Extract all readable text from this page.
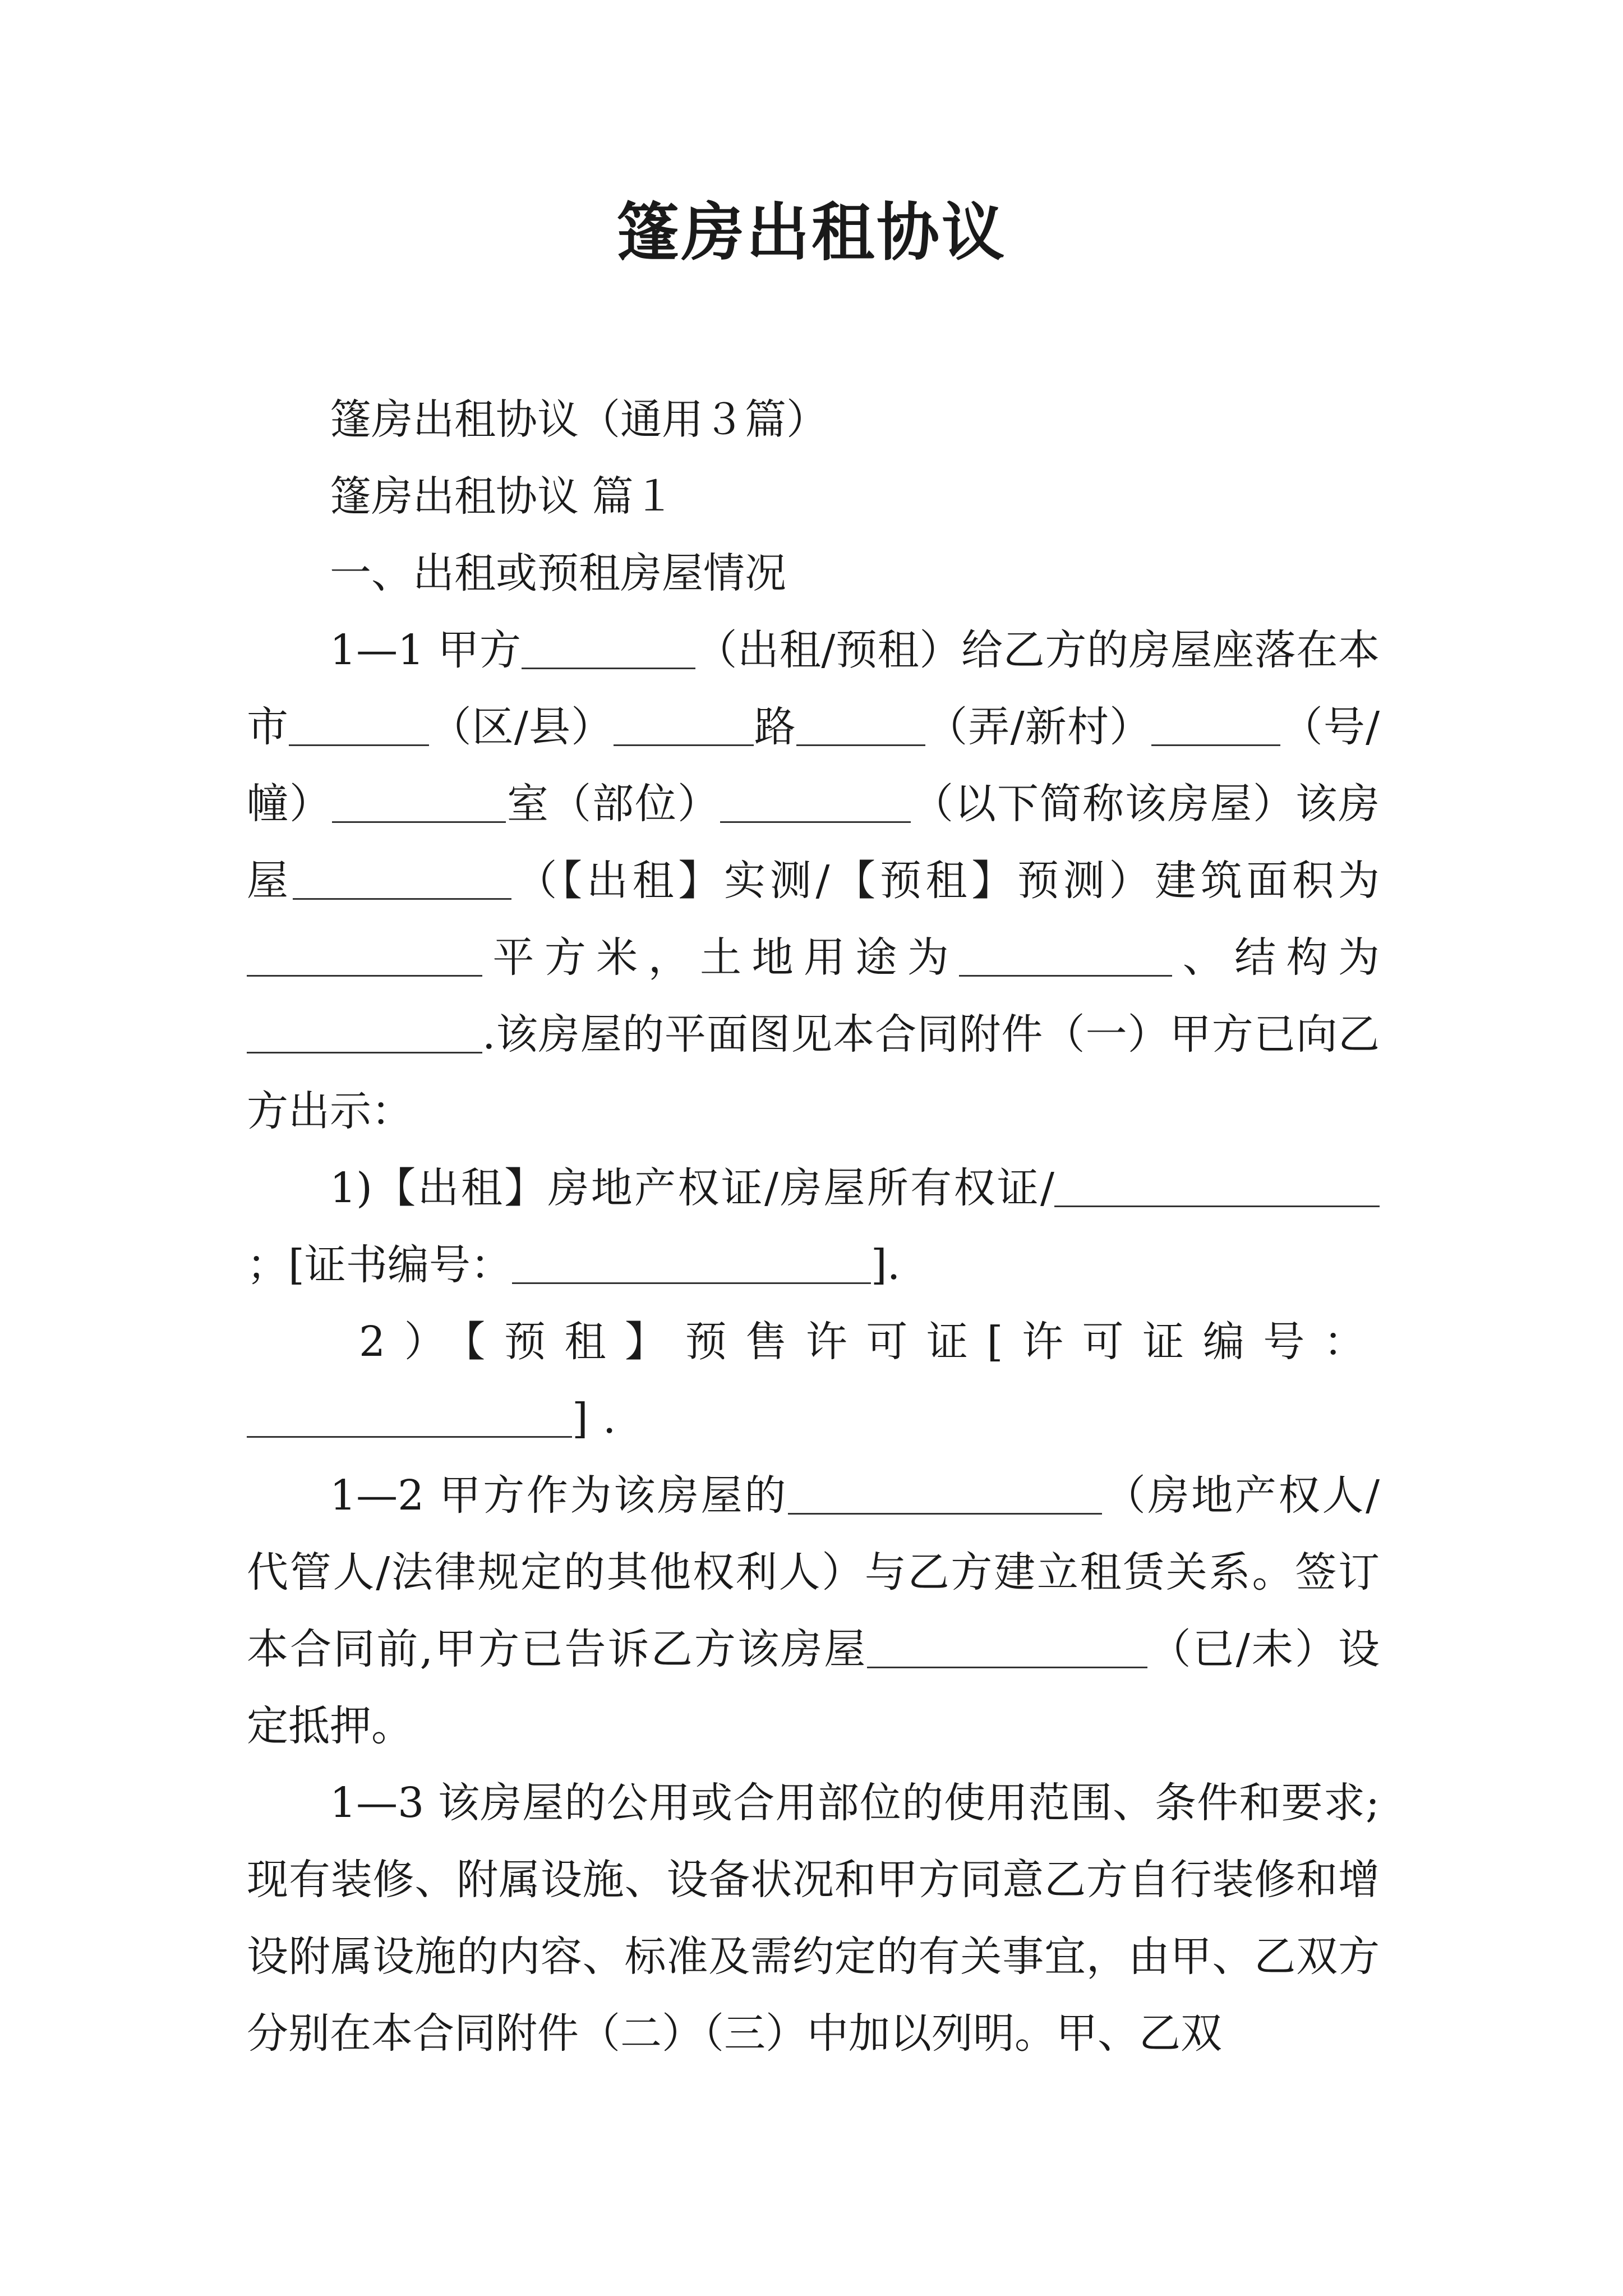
篷房出租协议

篷房出租协议（通用３篇）

篷房出租协议 篇１

一、出租或预租房屋情况

1—1 甲方	（出租/预租）给乙方的房屋座落在本市	（区/县）	路	（弄/新村）	（号/幢）	室（部位）	（以下简称该房屋）该房屋	（【出租】实测/【预租】预测）建筑面积为平方米，土地用途为	、结构为.该房屋的平面图见本合同附件（一）甲方已向乙方出示：

1)【出租】房地产权证/房屋所有权证/；[证书编号：	].

2）【预租】预售许可证[许可证编号：].

1—2 甲方作为该房屋的	（房地产权人/代管人/法律规定的其他权利人）与乙方建立租赁关系。签订本合同前,甲方已告诉乙方该房屋	（已/未）设定抵押。

1—3 该房屋的公用或合用部位的使用范围、条件和要求;现有装修、附属设施、设备状况和甲方同意乙方自行装修和增设附属设施的内容、标准及需约定的有关事宜，由甲、乙双方分别在本合同附件（二）（三）中加以列明。甲、乙双
